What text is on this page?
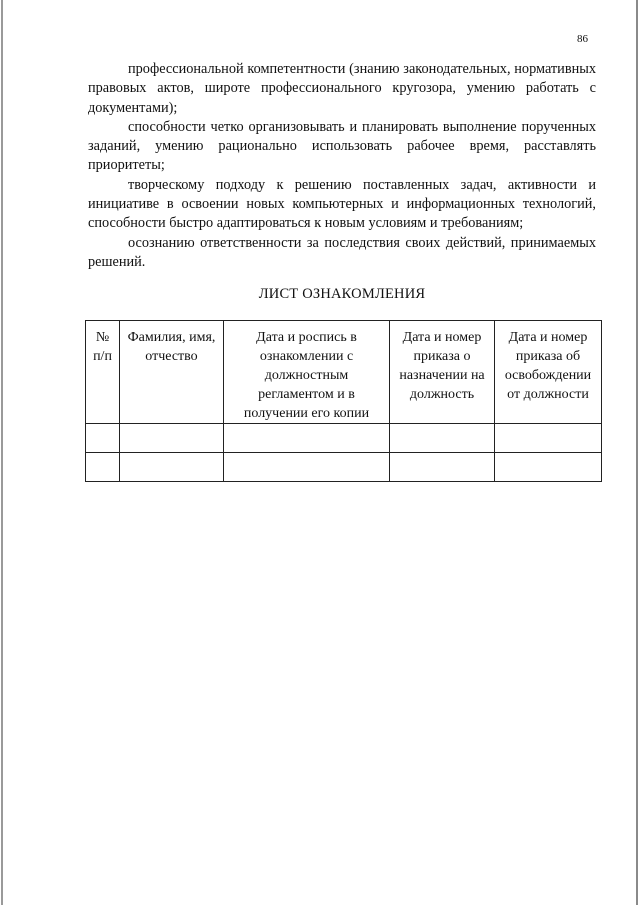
86

профессиональной компетентности (знанию законодательных, нормативных правовых актов, широте профессионального кругозора, умению работать с документами);

способности четко организовывать и планировать выполнение порученных заданий, умению рационально использовать рабочее время, расставлять приоритеты;

творческому подходу к решению поставленных задач, активности и инициативе в освоении новых компьютерных и информационных технологий, способности быстро адаптироваться к новым условиям и требованиям;

осознанию ответственности за последствия своих действий, принимаемых решений.

ЛИСТ ОЗНАКОМЛЕНИЯ
№ п/п	Фамилия, имя, отчество	Дата и роспись в ознакомлении с должностным регламентом и в получении его копии	Дата и номер приказа о назначении на должность	Дата и номер приказа об освобождении от должности
